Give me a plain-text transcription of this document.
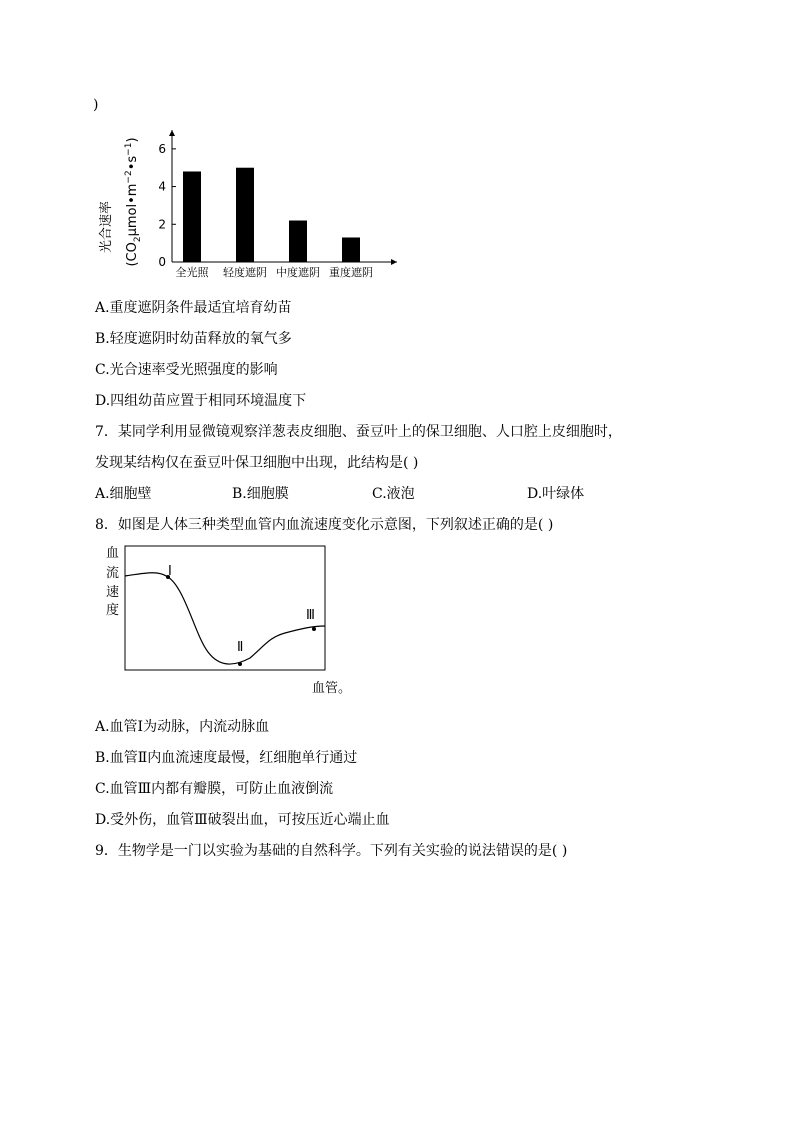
)
光合速率
$(CO_2\mu mol•m^{-2}•s^{-1})$
0
2
4
6
全光照 轻度遮阴 中度遮阴 重度遮阴
A.重度遮阴条件最适宜培育幼苗
B.轻度遮阴时幼苗释放的氧气多
C.光合速率受光照强度的影响
D.四组幼苗应置于相同环境温度下
7．某同学利用显微镜观察洋葱表皮细胞、蚕豆叶上的保卫细胞、人口腔上皮细胞时，
发现某结构仅在蚕豆叶保卫细胞中出现，此结构是( )
A.细胞壁	B.细胞膜	C.液泡	D.叶绿体
8．如图是人体三种类型血管内血流速度变化示意图，下列叙述正确的是( )
血
流
速
度
Ⅰ
Ⅱ
Ⅲ
血管。
A.血管Ⅰ为动脉，内流动脉血
B.血管Ⅱ内血流速度最慢，红细胞单行通过
C.血管Ⅲ内都有瓣膜，可防止血液倒流
D.受外伤，血管Ⅲ破裂出血，可按压近心端止血
9．生物学是一门以实验为基础的自然科学。下列有关实验的说法错误的是( )
